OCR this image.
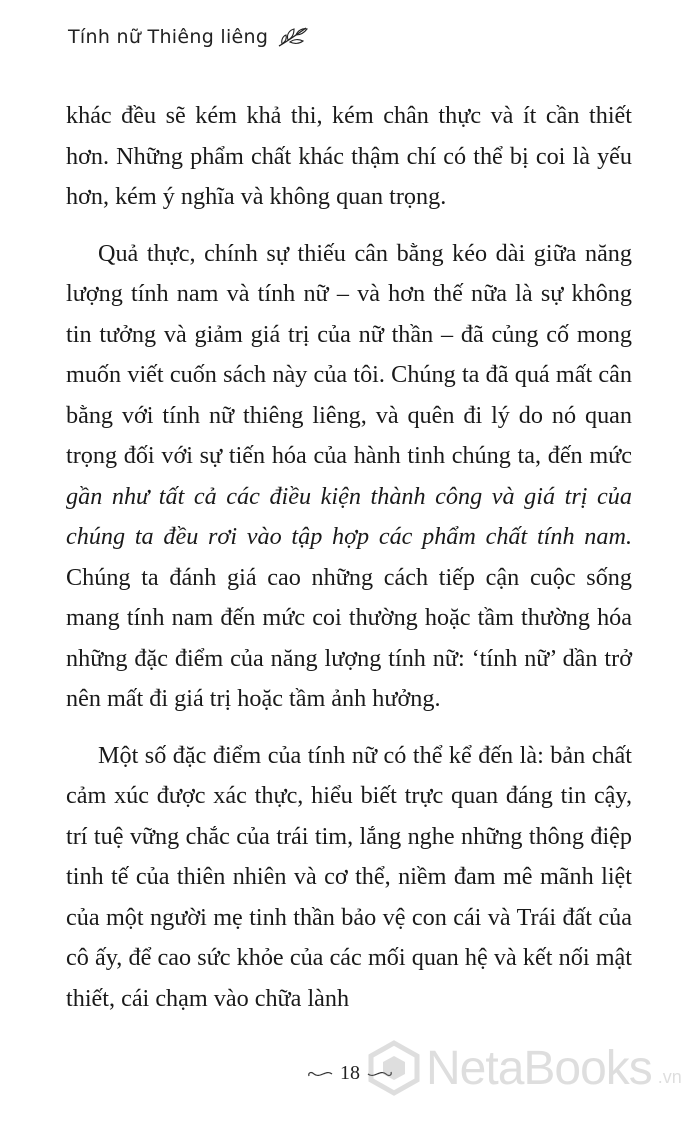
Tính nữ Thiêng liêng

khác đều sẽ kém khả thi, kém chân thực và ít cần thiết hơn. Những phẩm chất khác thậm chí có thể bị coi là yếu hơn, kém ý nghĩa và không quan trọng.

Quả thực, chính sự thiếu cân bằng kéo dài giữa năng lượng tính nam và tính nữ – và hơn thế nữa là sự không tin tưởng và giảm giá trị của nữ thần – đã củng cố mong muốn viết cuốn sách này của tôi. Chúng ta đã quá mất cân bằng với tính nữ thiêng liêng, và quên đi lý do nó quan trọng đối với sự tiến hóa của hành tinh chúng ta, đến mức gần như tất cả các điều kiện thành công và giá trị của chúng ta đều rơi vào tập hợp các phẩm chất tính nam. Chúng ta đánh giá cao những cách tiếp cận cuộc sống mang tính nam đến mức coi thường hoặc tầm thường hóa những đặc điểm của năng lượng tính nữ: ‘tính nữ’ dần trở nên mất đi giá trị hoặc tầm ảnh hưởng.

Một số đặc điểm của tính nữ có thể kể đến là: bản chất cảm xúc được xác thực, hiểu biết trực quan đáng tin cậy, trí tuệ vững chắc của trái tim, lắng nghe những thông điệp tinh tế của thiên nhiên và cơ thể, niềm đam mê mãnh liệt của một người mẹ tinh thần bảo vệ con cái và Trái đất của cô ấy, để cao sức khỏe của các mối quan hệ và kết nối mật thiết, cái chạm vào chữa lành

18 NetaBooks .vn
